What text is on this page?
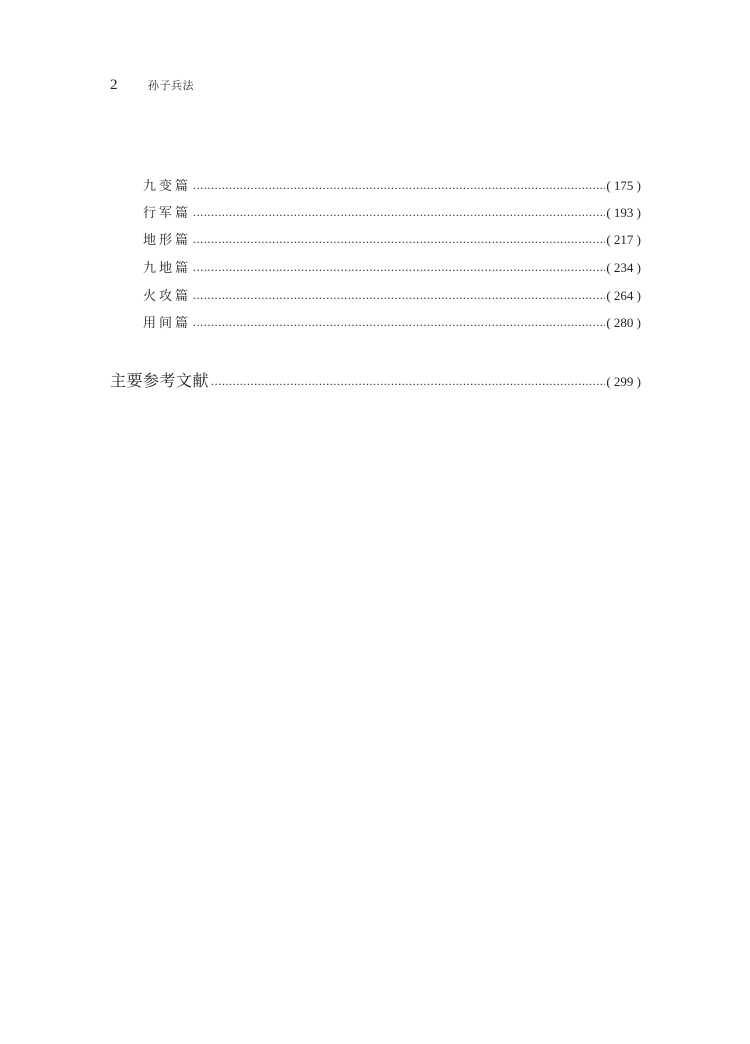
2	孙子兵法
九变篇 .....	( 175 )
行军篇 .....	( 193 )
地形篇 .....	( 217 )
九地篇 .....	( 234 )
火攻篇 .....	( 264 )
用间篇 .....	( 280 )
主要参考文献 .....	( 299 )
